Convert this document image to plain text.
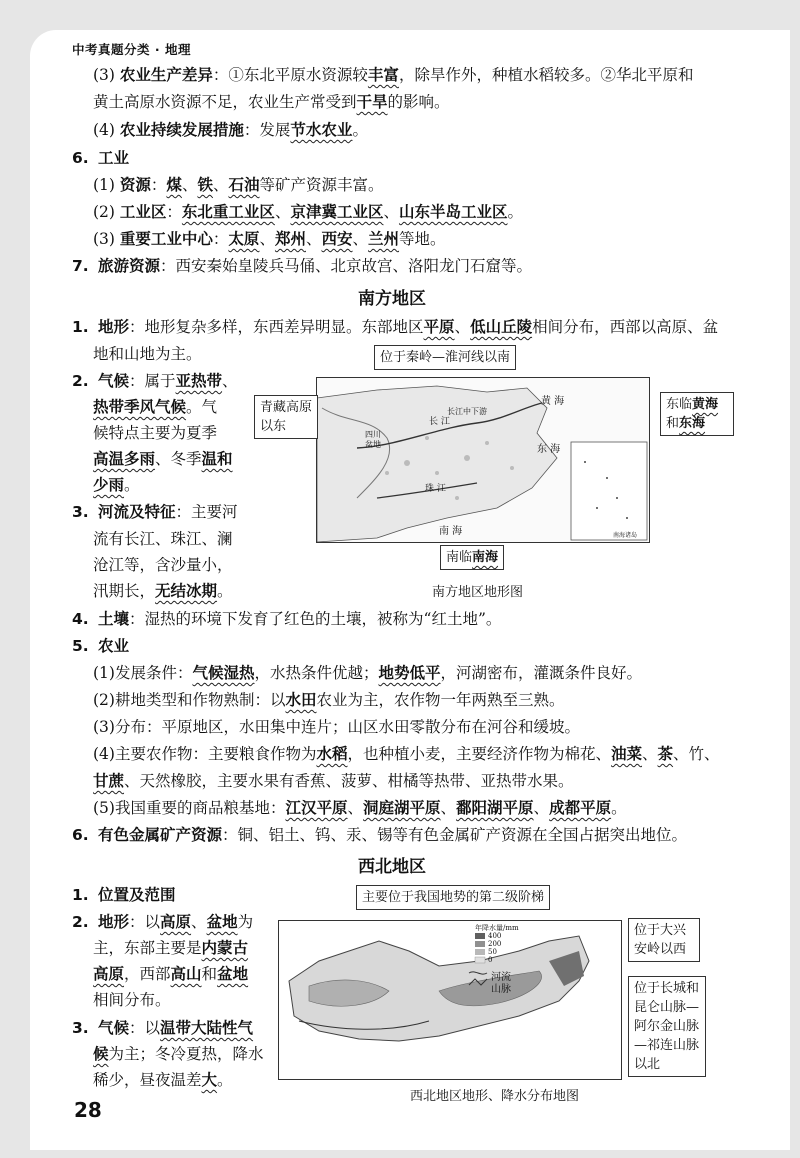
中考真题分类 · 地理
(3) 农业生产差异：①东北平原水资源较丰富，除旱作外，种植水稻较多。②华北平原和
黄土高原水资源不足，农业生产常受到干旱的影响。
(4) 农业持续发展措施：发展节水农业。
6. 工业
(1) 资源：煤、铁、石油等矿产资源丰富。
(2) 工业区：东北重工业区、京津冀工业区、山东半岛工业区。
(3) 重要工业中心：太原、郑州、西安、兰州等地。
7. 旅游资源：西安秦始皇陵兵马俑、北京故宫、洛阳龙门石窟等。
南方地区
1. 地形：地形复杂多样，东西差异明显。东部地区平原、低山丘陵相间分布，西部以高原、盆
地和山地为主。
2. 气候：属于亚热带、
热带季风气候。气
候特点主要为夏季
高温多雨、冬季温和
少雨。
3. 河流及特征：主要河
流有长江、珠江、澜
沧江等，含沙量小，
汛期长，无结冰期。
黄 海
东 海
南 海
四川盆地
长 江
长江中下游
珠 江
南海诸岛
位于秦岭—淮河线以南
青藏高原以东
东临黄海和东海
南临南海
南方地区地形图
4. 土壤：湿热的环境下发育了红色的土壤，被称为“红土地”。
5. 农业
(1)发展条件：气候湿热，水热条件优越；地势低平，河湖密布，灌溉条件良好。
(2)耕地类型和作物熟制：以水田农业为主，农作物一年两熟至三熟。
(3)分布：平原地区，水田集中连片；山区水田零散分布在河谷和缓坡。
(4)主要农作物：主要粮食作物为水稻，也种植小麦，主要经济作物为棉花、油菜、茶、竹、
甘蔗、天然橡胶，主要水果有香蕉、菠萝、柑橘等热带、亚热带水果。
(5)我国重要的商品粮基地：江汉平原、洞庭湖平原、鄱阳湖平原、成都平原。
6. 有色金属矿产资源：铜、铝土、钨、汞、锡等有色金属矿产资源在全国占据突出地位。
西北地区
1. 位置及范围
2. 地形：以高原、盆地为
主，东部主要是内蒙古
高原，西部高山和盆地
相间分布。
3. 气候：以温带大陆性气
候为主；冬冷夏热，降水
稀少，昼夜温差大。
年降水量/mm
400
200
50
0
河流
山脉
主要位于我国地势的第二级阶梯
位于大兴安岭以西
位于长城和昆仑山脉—阿尔金山脉—祁连山脉以北
西北地区地形、降水分布地图
28
